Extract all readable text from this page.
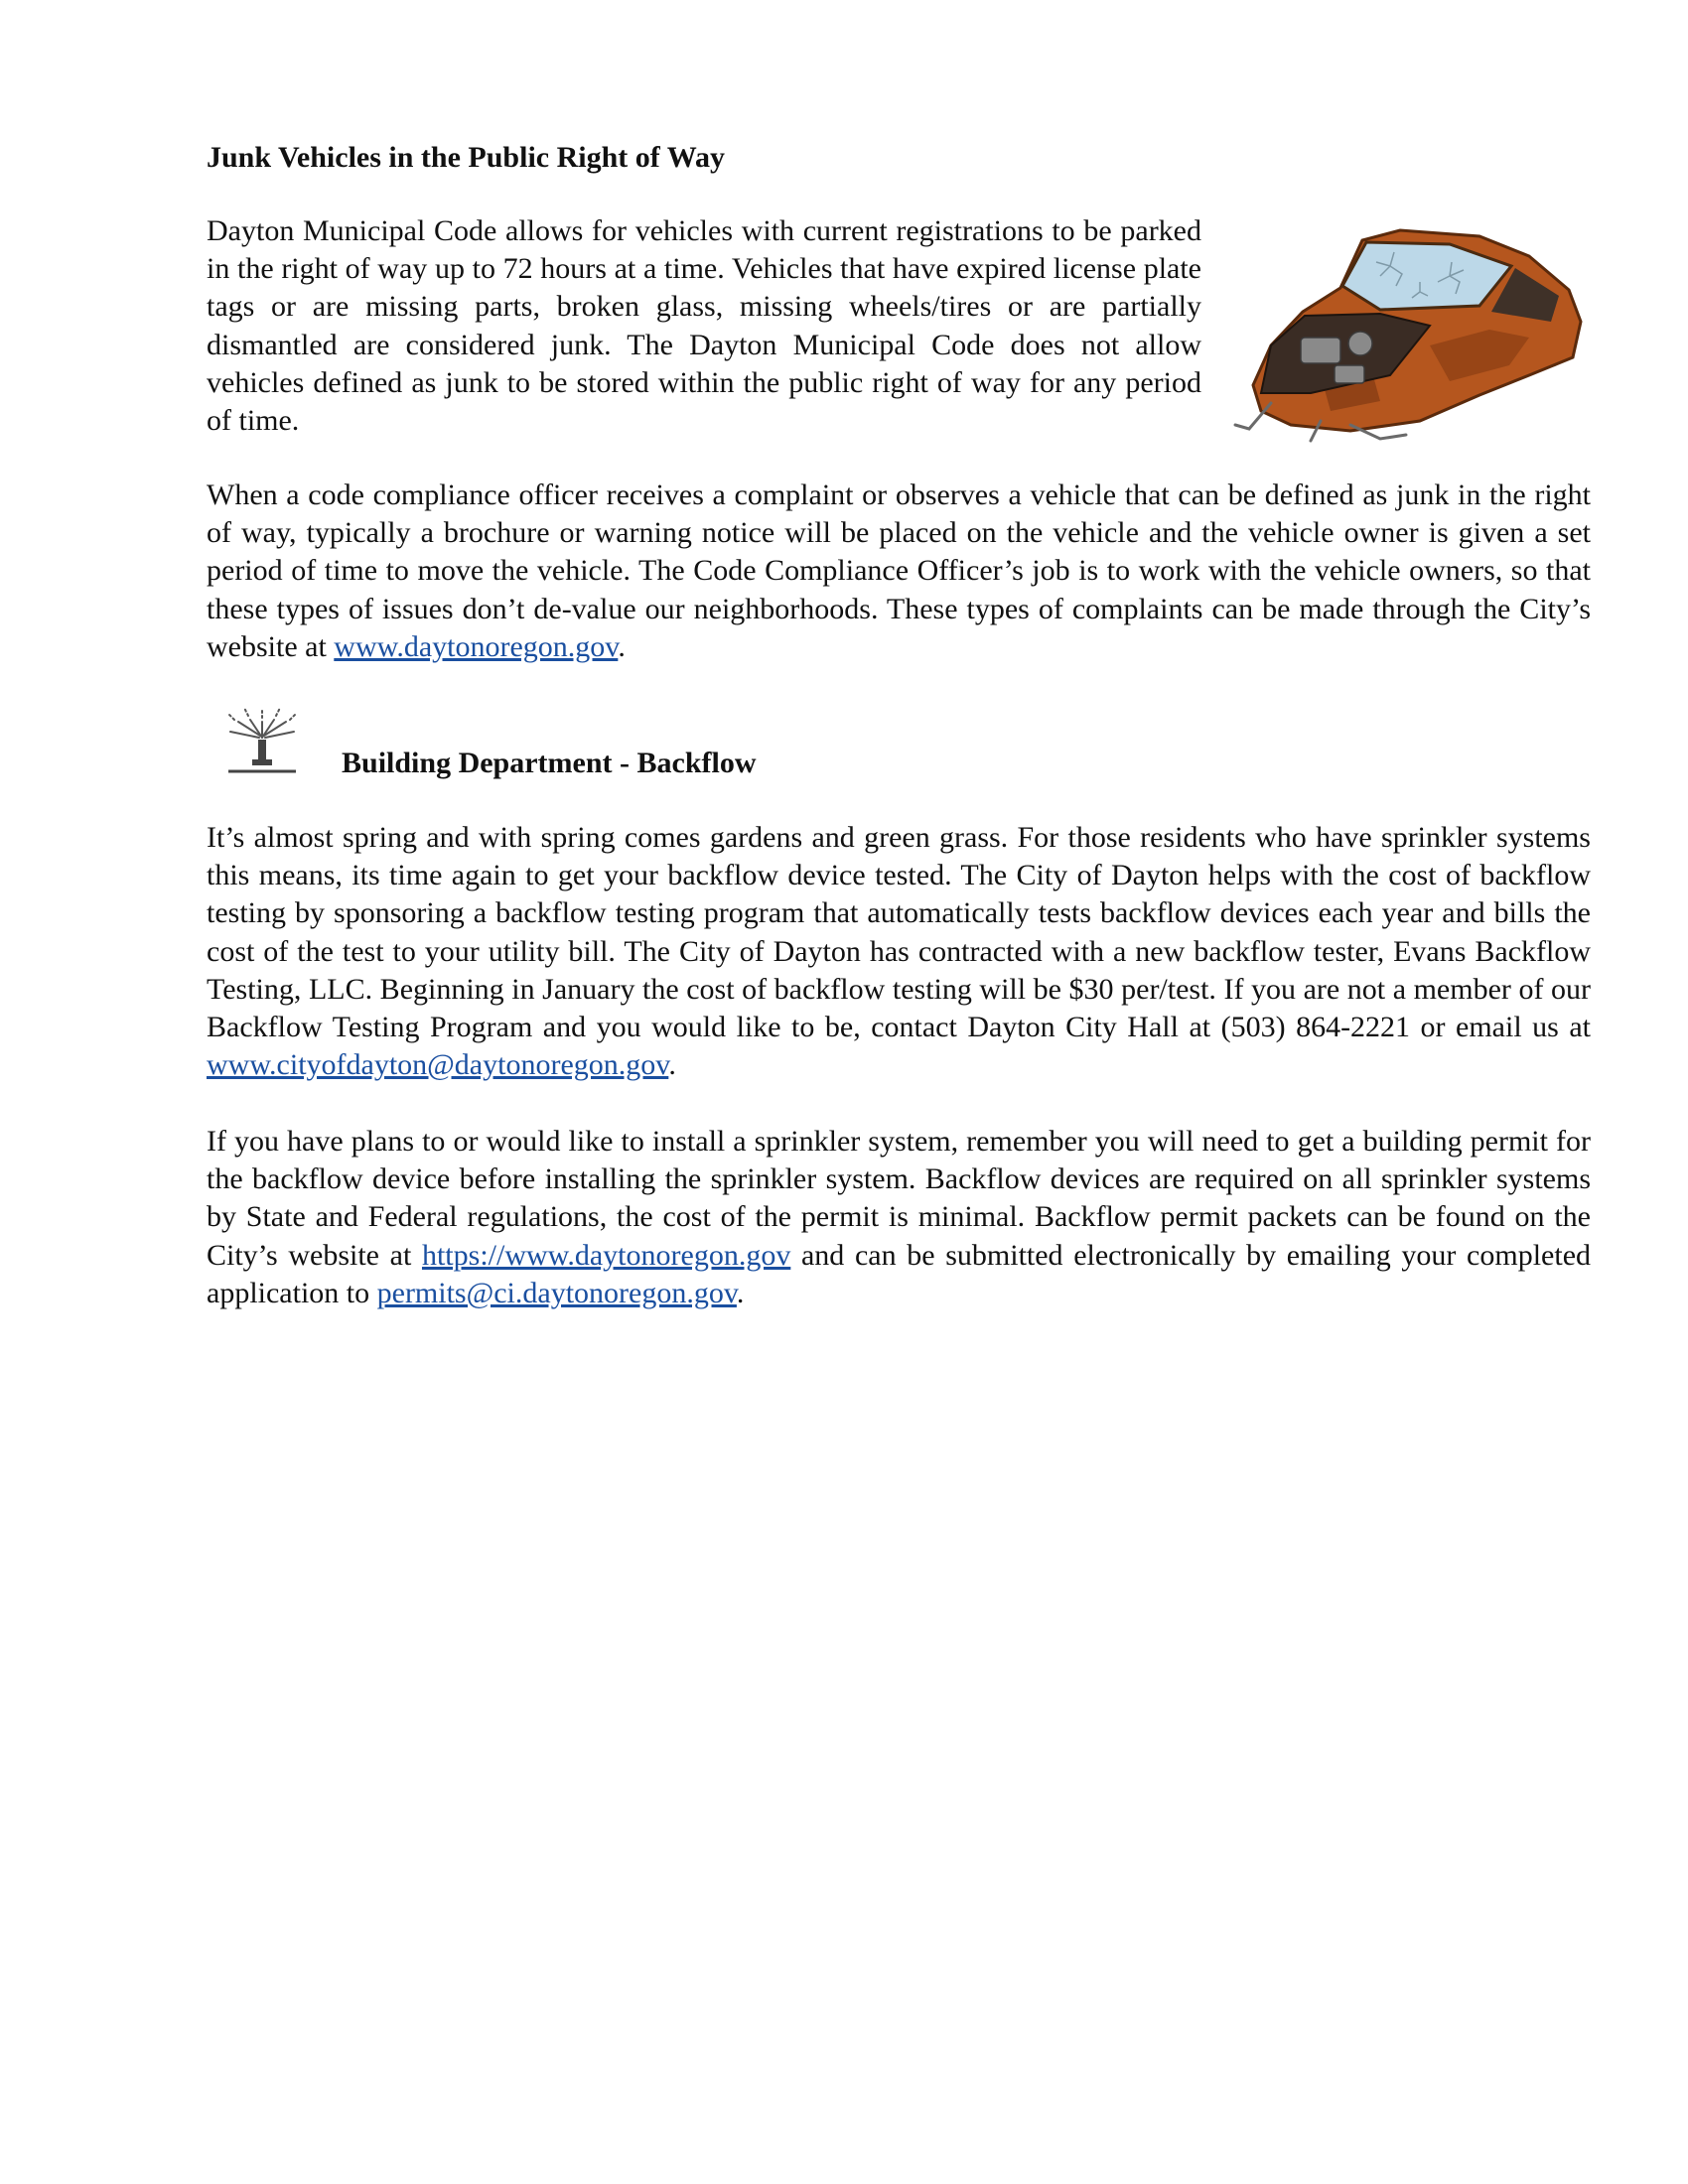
Junk Vehicles in the Public Right of Way

Dayton Municipal Code allows for vehicles with current registrations to be parked in the right of way up to 72 hours at a time. Vehicles that have expired license plate tags or are missing parts, broken glass, missing wheels/tires or are partially dismantled are considered junk. The Dayton Municipal Code does not allow vehicles defined as junk to be stored within the public right of way for any period of time.

When a code compliance officer receives a complaint or observes a vehicle that can be defined as junk in the right of way, typically a brochure or warning notice will be placed on the vehicle and the vehicle owner is given a set period of time to move the vehicle. The Code Compliance Officer’s job is to work with the vehicle owners, so that these types of issues don’t de-value our neighborhoods. These types of complaints can be made through the City’s website at www.daytonoregon.gov.

Building Department - Backflow

It’s almost spring and with spring comes gardens and green grass. For those residents who have sprinkler systems this means, its time again to get your backflow device tested. The City of Dayton helps with the cost of backflow testing by sponsoring a backflow testing program that automatically tests backflow devices each year and bills the cost of the test to your utility bill. The City of Dayton has contracted with a new backflow tester, Evans Backflow Testing, LLC. Beginning in January the cost of backflow testing will be $30 per/test. If you are not a member of our Backflow Testing Program and you would like to be, contact Dayton City Hall at (503) 864-2221 or email us at www.cityofdayton@daytonoregon.gov.

If you have plans to or would like to install a sprinkler system, remember you will need to get a building permit for the backflow device before installing the sprinkler system. Backflow devices are required on all sprinkler systems by State and Federal regulations, the cost of the permit is minimal. Backflow permit packets can be found on the City’s website at https://www.daytonoregon.gov and can be submitted electronically by emailing your completed application to permits@ci.daytonoregon.gov.
